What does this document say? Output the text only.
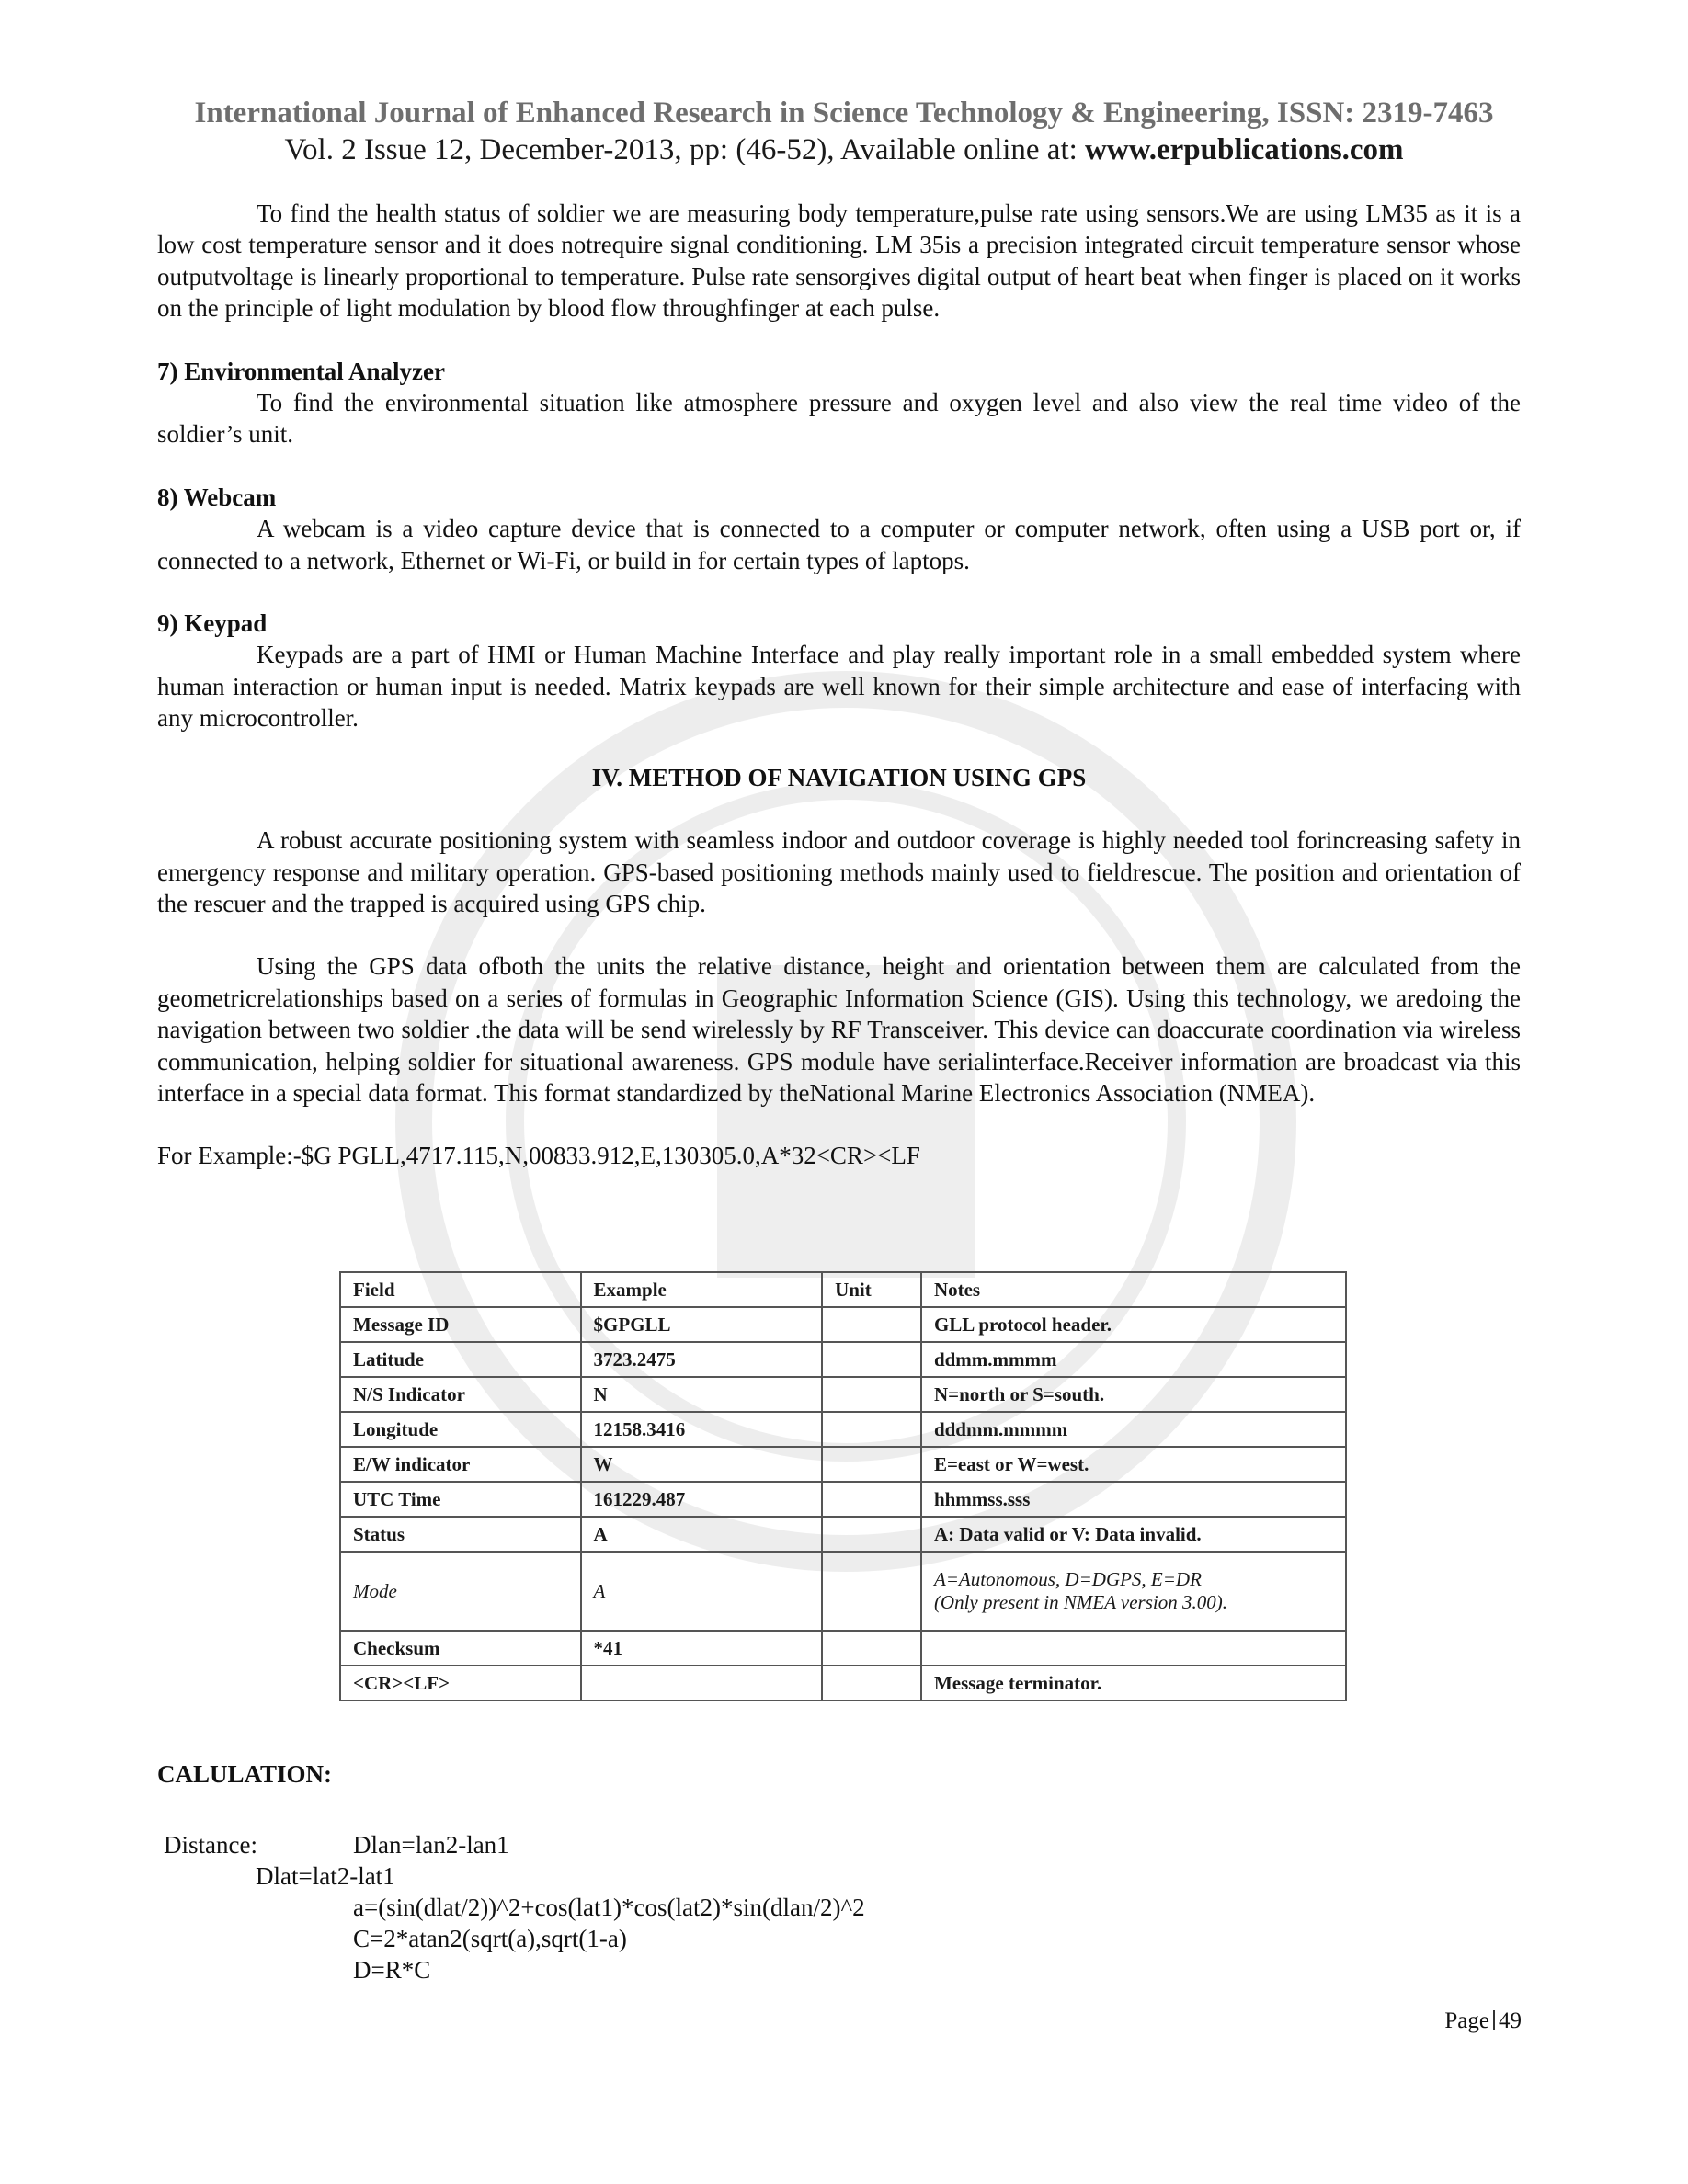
International Journal of Enhanced Research in Science Technology & Engineering, ISSN: 2319-7463
Vol. 2 Issue 12, December-2013, pp: (46-52), Available online at: www.erpublications.com

To find the health status of soldier we are measuring body temperature,pulse rate using sensors.We are using LM35 as it is a low cost temperature sensor and it does notrequire signal conditioning. LM 35is a precision integrated circuit temperature sensor whose outputvoltage is linearly proportional to temperature. Pulse rate sensorgives digital output of heart beat when finger is placed on it works on the principle of light modulation by blood flow throughfinger at each pulse.

7) Environmental Analyzer

To find the environmental situation like atmosphere pressure and oxygen level and also view the real time video of the soldier’s unit.

8) Webcam

A webcam is a video capture device that is connected to a computer or computer network, often using a USB port or, if connected to a network, Ethernet or Wi-Fi, or build in for certain types of laptops.

9) Keypad

Keypads are a part of HMI or Human Machine Interface and play really important role in a small embedded system where human interaction or human input is needed. Matrix keypads are well known for their simple architecture and ease of interfacing with any microcontroller.

IV. METHOD OF NAVIGATION USING GPS

A robust accurate positioning system with seamless indoor and outdoor coverage is highly needed tool forincreasing safety in emergency response and military operation. GPS-based positioning methods mainly used to fieldrescue. The position and orientation of the rescuer and the trapped is acquired using GPS chip.

Using the GPS data ofboth the units the relative distance, height and orientation between them are calculated from the geometricrelationships based on a series of formulas in Geographic Information Science (GIS). Using this technology, we aredoing the navigation between two soldier .the data will be send wirelessly by RF Transceiver. This device can doaccurate coordination via wireless communication, helping soldier for situational awareness. GPS module have serialinterface.Receiver information are broadcast via this interface in a special data format. This format standardized by theNational Marine Electronics Association (NMEA).

For Example:-$G PGLL,4717.115,N,00833.912,E,130305.0,A*32<CR><LF

Field	Example	Unit	Notes
Message ID	$GPGLL		GLL protocol header.
Latitude	3723.2475		ddmm.mmmm
N/S Indicator	N		N=north or S=south.
Longitude	12158.3416		dddmm.mmmm
E/W indicator	W		E=east or W=west.
UTC Time	161229.487		hhmmss.sss
Status	A		A: Data valid or V: Data invalid.
Mode	A		A=Autonomous, D=DGPS, E=DR
(Only present in NMEA version 3.00).

Checksum	*41		
<CR><LF>			Message terminator.
CALULATION:
Distance:	Dlan=lan2-lan1
Dlat=lat2-lat1
a=(sin(dlat/2))^2+cos(lat1)*cos(lat2)*sin(dlan/2)^2
C=2*atan2(sqrt(a),sqrt(1-a)
D=R*C
Page 49
